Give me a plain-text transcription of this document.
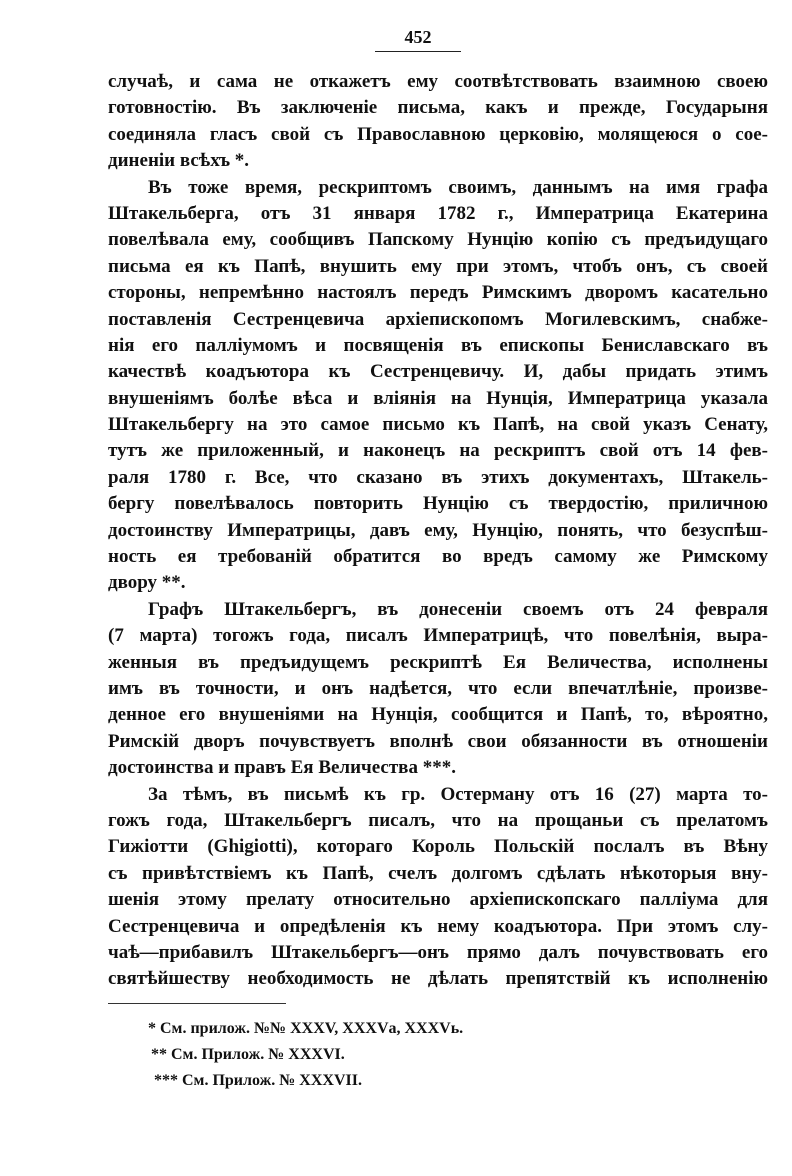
452
случаѣ, и сама не откажетъ ему соотвѣтствовать взаимною своею
готовностію. Въ заключеніе письма, какъ и прежде, Государыня
соединяла гласъ свой съ Православною церковію, молящеюся о сое-
диненіи всѣхъ *.
Въ тоже время, рескриптомъ своимъ, даннымъ на имя графа
Штакельберга, отъ 31 января 1782 г., Императрица Екатерина
повелѣвала ему, сообщивъ Папскому Нунцію копію съ предъидущаго
письма ея къ Папѣ, внушить ему при этомъ, чтобъ онъ, съ своей
стороны, непремѣнно настоялъ передъ Римскимъ дворомъ касательно
поставленія Сестренцевича архіепископомъ Могилевскимъ, снабже-
нія его палліумомъ и посвященія въ епископы Бениславскаго въ
качествѣ коадъютора къ Сестренцевичу. И, дабы придать этимъ
внушеніямъ болѣе вѣса и вліянія на Нунція, Императрица указала
Штакельбергу на это самое письмо къ Папѣ, на свой указъ Сенату,
тутъ же приложенный, и наконецъ на рескриптъ свой отъ 14 фев-
раля 1780 г. Все, что сказано въ этихъ документахъ, Штакель-
бергу повелѣвалось повторить Нунцію съ твердостію, приличною
достоинству Императрицы, давъ ему, Нунцію, понять, что безуспѣш-
ность ея требованій обратится во вредъ самому же Римскому
двору **.
Графъ Штакельбергъ, въ донесеніи своемъ отъ 24 февраля
(7 марта) тогожъ года, писалъ Императрицѣ, что повелѣнія, выра-
женныя въ предъидущемъ рескриптѣ Ея Величества, исполнены
имъ въ точности, и онъ надѣется, что если впечатлѣніе, произве-
денное его внушеніями на Нунція, сообщится и Папѣ, то, вѣроятно,
Римскій дворъ почувствуетъ вполнѣ свои обязанности въ отношеніи
достоинства и правъ Ея Величества ***.
За тѣмъ, въ письмѣ къ гр. Остерману отъ 16 (27) марта то-
гожъ года, Штакельбергъ писалъ, что на прощаньи съ прелатомъ
Гижіотти (Ghigiotti), котораго Король Польскій послалъ въ Вѣну
съ привѣтствіемъ къ Папѣ, счелъ долгомъ сдѣлать нѣкоторыя вну-
шенія этому прелату относительно архіепископскаго палліума для
Сестренцевича и опредѣленія къ нему коадъютора. При этомъ слу-
чаѣ—прибавилъ Штакельбергъ—онъ прямо далъ почувствовать его
святѣйшеству необходимость не дѣлать препятствій къ исполненію
* См. прилож. №№ XXXV, XXXVа, XXXVь.
** См. Прилож. № XXXVI.
*** См. Прилож. № XXXVII.
